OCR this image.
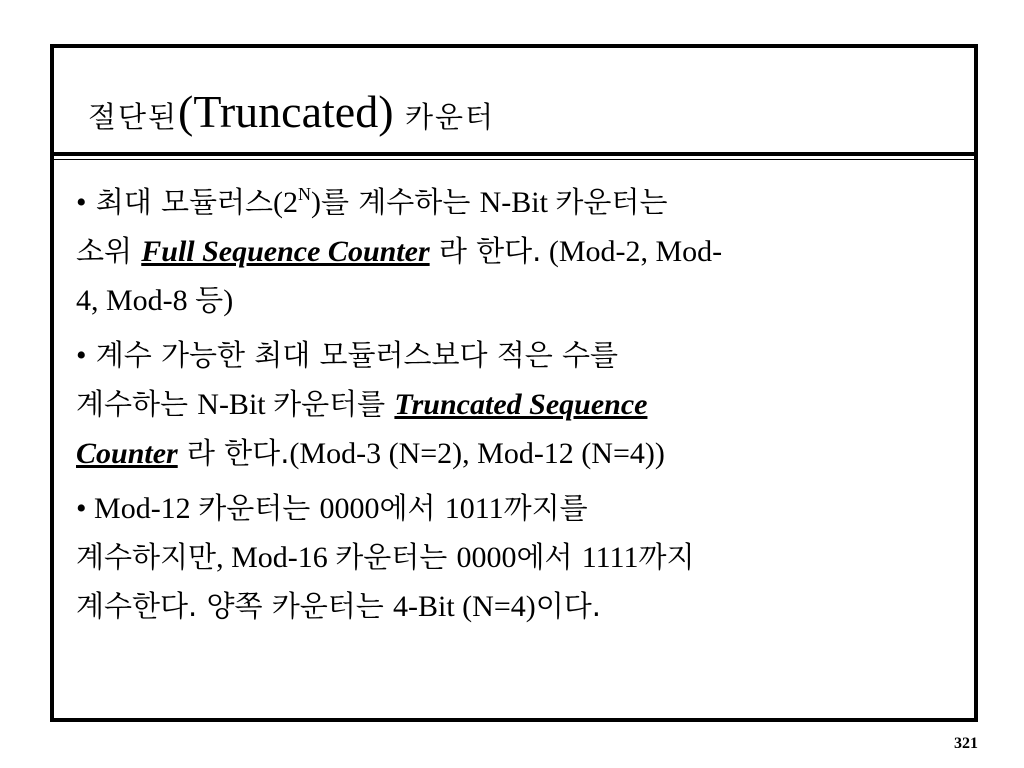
절단된(Truncated) 카운터
• 최대 모듈러스$(2^N)$를 계수하는 N-Bit 카운터는
소위 Full Sequence Counter 라 한다. (Mod-2, Mod-
4, Mod-8 등)
• 계수 가능한 최대 모듈러스보다 적은 수를
계수하는 N-Bit 카운터를 Truncated Sequence
Counter 라 한다.(Mod-3 (N=2), Mod-12 (N=4))
• Mod-12 카운터는 0000에서 1011까지를
계수하지만, Mod-16 카운터는 0000에서 1111까지
계수한다. 양쪽 카운터는 4-Bit (N=4)이다.
321
